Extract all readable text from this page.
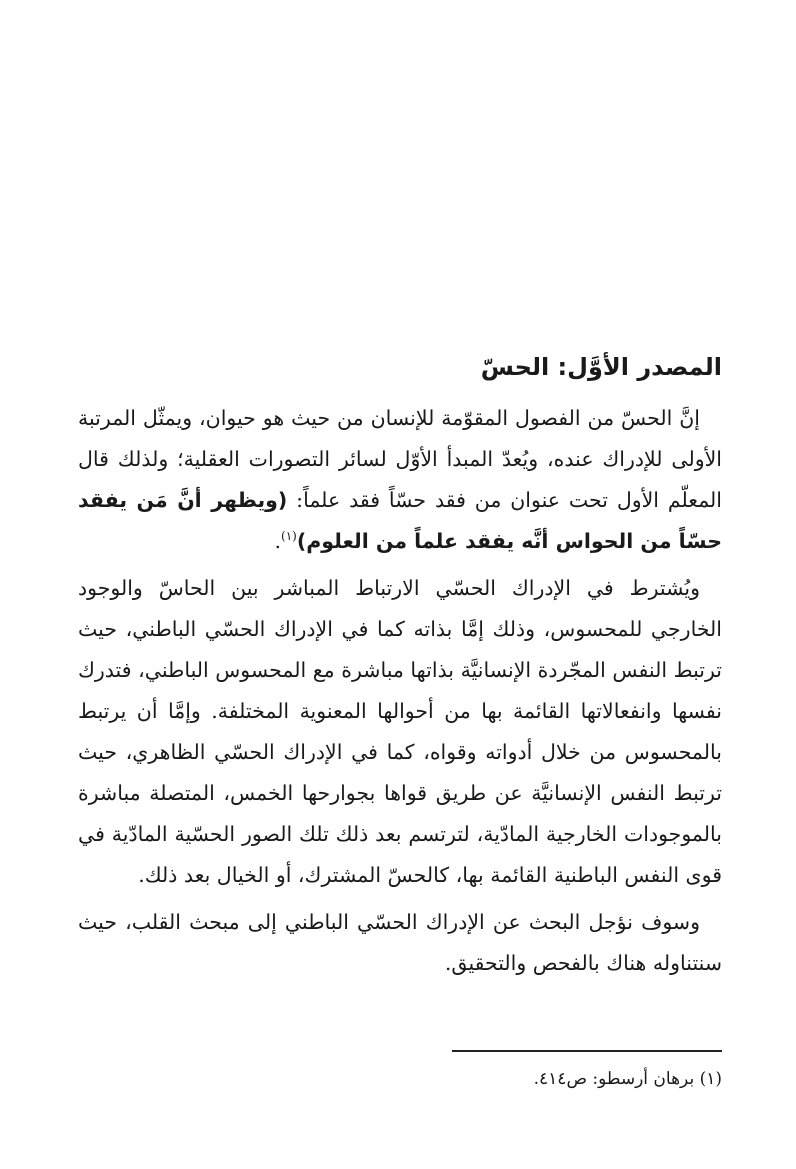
المصدر الأوَّل: الحسّ

إنَّ الحسّ من الفصول المقوّمة للإنسان من حيث هو حيوان، ويمثّل المرتبة الأولى للإدراك عنده، ويُعدّ المبدأ الأوّل لسائر التصورات العقلية؛ ولذلك قال المعلّم الأول تحت عنوان من فقد حسّاً فقد علماً: (ويظهر أنَّ مَن يفقد حسّاً من الحواس أنَّه يفقد علماً من العلوم)$^{(١)}$.

ويُشترط في الإدراك الحسّي الارتباط المباشر بين الحاسّ والوجود الخارجي للمحسوس، وذلك إمَّا بذاته كما في الإدراك الحسّي الباطني، حيث ترتبط النفس المجّردة الإنسانيَّة بذاتها مباشرة مع المحسوس الباطني، فتدرك نفسها وانفعالاتها القائمة بها من أحوالها المعنوية المختلفة. وإمَّا أن يرتبط بالمحسوس من خلال أدواته وقواه، كما في الإدراك الحسّي الظاهري، حيث ترتبط النفس الإنسانيَّة عن طريق قواها بجوارحها الخمس، المتصلة مباشرة بالموجودات الخارجية المادّية، لترتسم بعد ذلك تلك الصور الحسّية المادّية في قوى النفس الباطنية القائمة بها، كالحسّ المشترك، أو الخيال بعد ذلك.

وسوف نؤجل البحث عن الإدراك الحسّي الباطني إلى مبحث القلب، حيث سنتناوله هناك بالفحص والتحقيق.

(١) برهان أرسطو: ص٤١٤.
